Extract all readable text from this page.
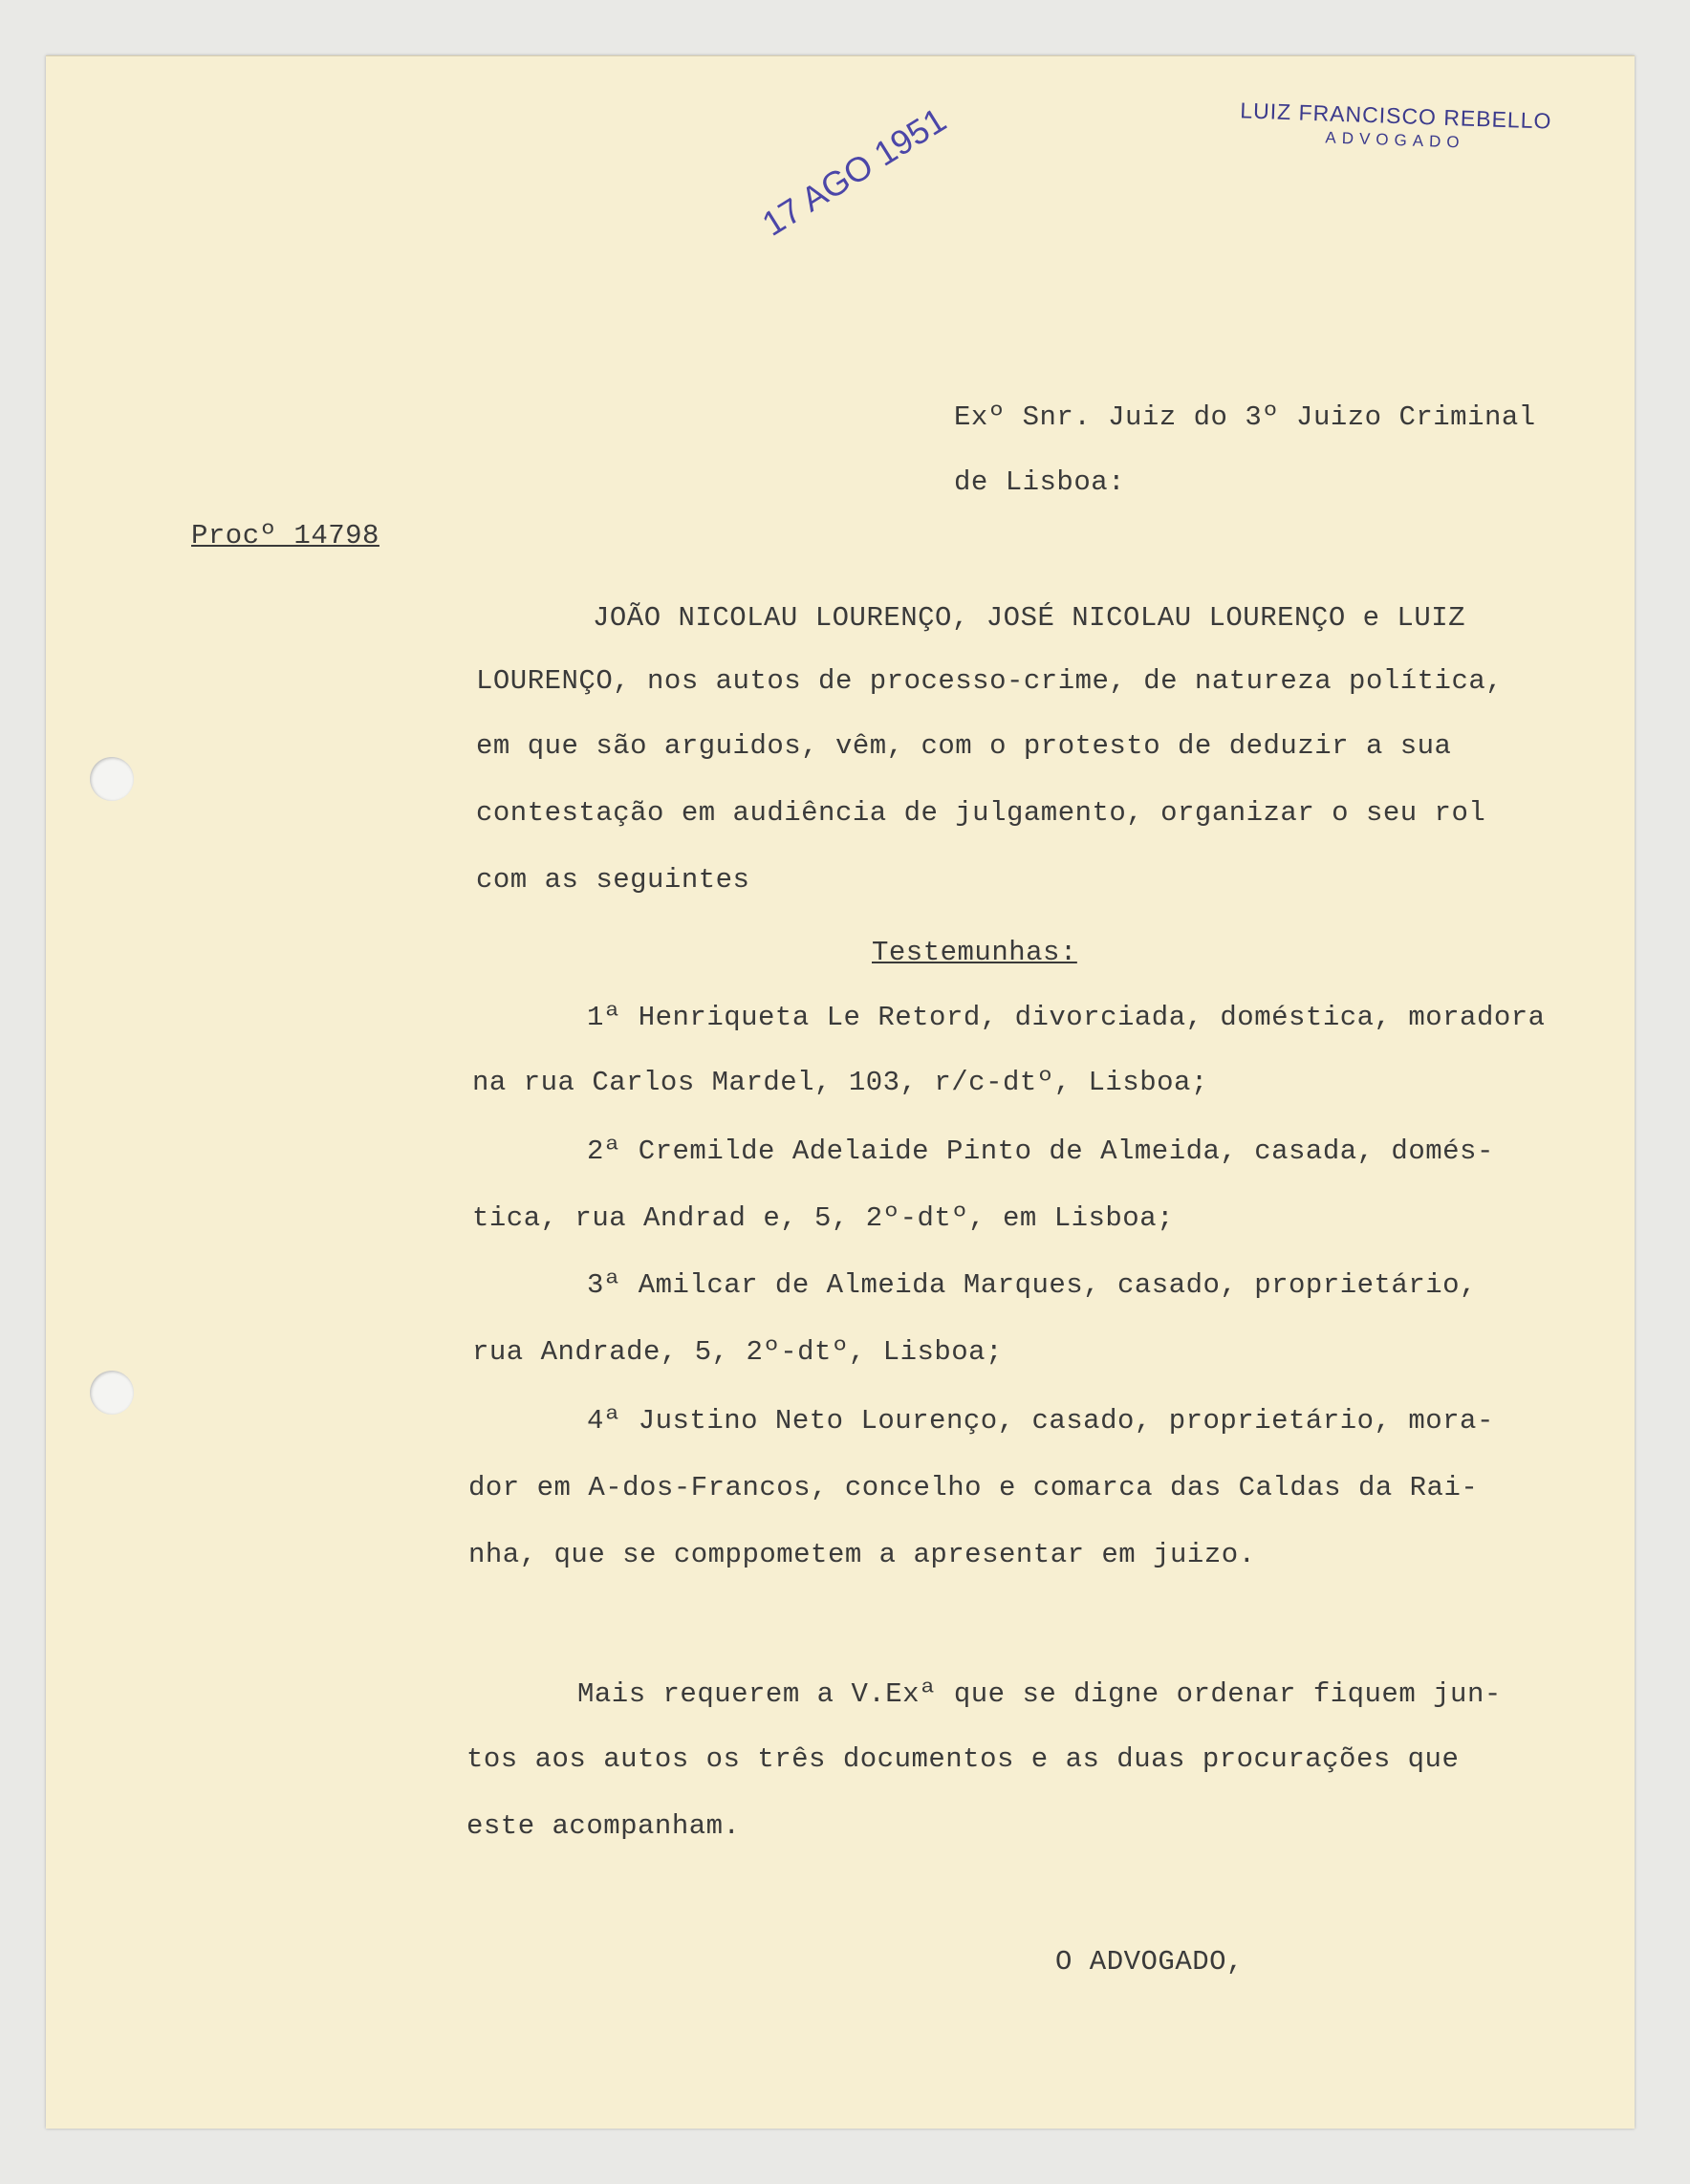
LUIZ FRANCISCO REBELLO
ADVOGADO
17 AGO 1951
Exº Snr. Juiz do 3º Juizo Criminal
de Lisboa:
Procº 14798
JOÃO NICOLAU LOURENÇO, JOSÉ NICOLAU LOURENÇO e LUIZ
LOURENÇO, nos autos de processo-crime, de natureza política,
em que são arguidos, vêm, com o protesto de deduzir a sua
contestação em audiência de julgamento, organizar o seu rol
com as seguintes
Testemunhas:
1ª Henriqueta Le Retord, divorciada, doméstica, moradora
na rua Carlos Mardel, 103, r/c-dtº, Lisboa;
2ª Cremilde Adelaide Pinto de Almeida, casada, domés-
tica, rua Andrad e, 5, 2º-dtº, em Lisboa;
3ª Amilcar de Almeida Marques, casado, proprietário,
rua Andrade, 5, 2º-dtº, Lisboa;
4ª Justino Neto Lourenço, casado, proprietário, mora-
dor em A-dos-Francos, concelho e comarca das Caldas da Rai-
nha, que se comppometem a apresentar em juizo.
Mais requerem a V.Exª que se digne ordenar fiquem jun-
tos aos autos os três documentos e as duas procurações que
este acompanham.
O ADVOGADO,
